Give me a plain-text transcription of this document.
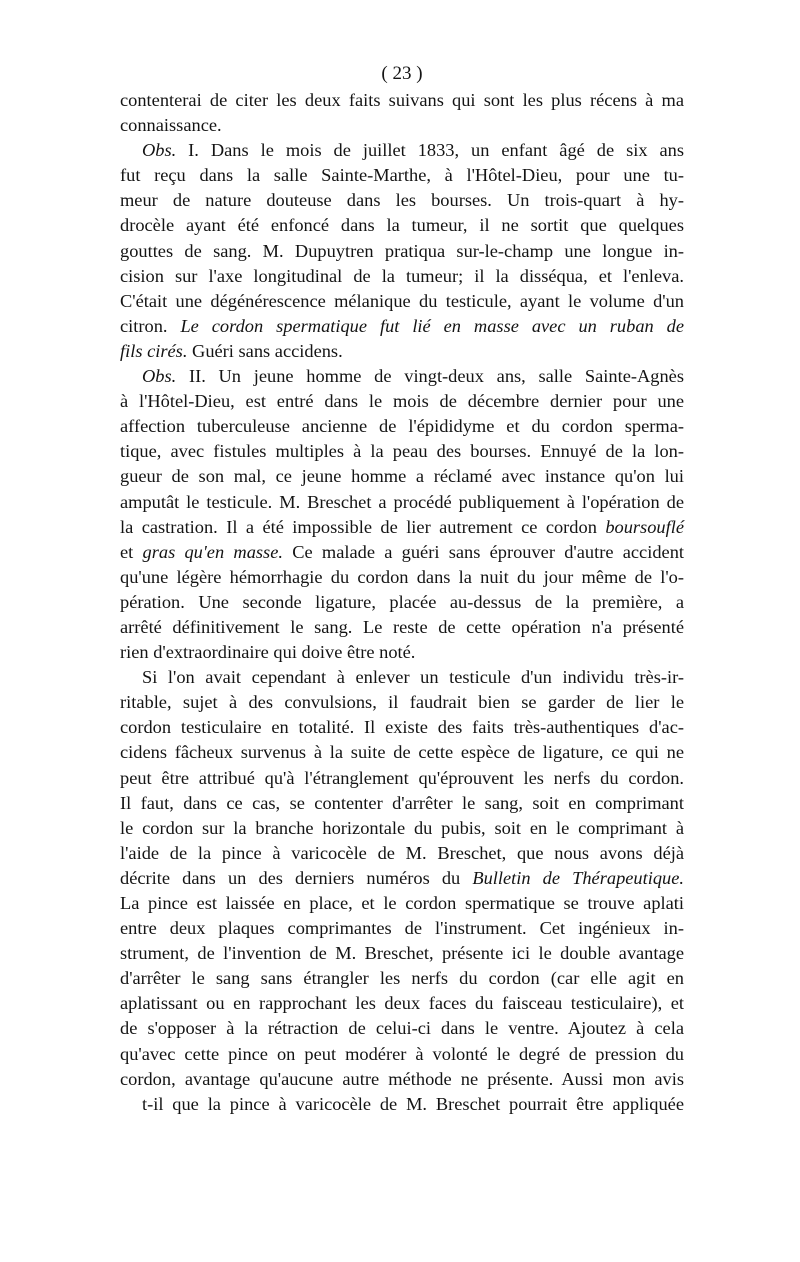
( 23 )
contenterai de citer les deux faits suivans qui sont les plus récens à ma
connaissance.
Obs. I. Dans le mois de juillet 1833, un enfant âgé de six ans
fut reçu dans la salle Sainte-Marthe, à l'Hôtel-Dieu, pour une tu-
meur de nature douteuse dans les bourses. Un trois-quart à hy-
drocèle ayant été enfoncé dans la tumeur, il ne sortit que quelques
gouttes de sang. M. Dupuytren pratiqua sur-le-champ une longue in-
cision sur l'axe longitudinal de la tumeur; il la disséqua, et l'enleva.
C'était une dégénérescence mélanique du testicule, ayant le volume d'un
citron. Le cordon spermatique fut lié en masse avec un ruban de
fils cirés. Guéri sans accidens.
Obs. II. Un jeune homme de vingt-deux ans, salle Sainte-Agnès
à l'Hôtel-Dieu, est entré dans le mois de décembre dernier pour une
affection tuberculeuse ancienne de l'épididyme et du cordon sperma-
tique, avec fistules multiples à la peau des bourses. Ennuyé de la lon-
gueur de son mal, ce jeune homme a réclamé avec instance qu'on lui
amputât le testicule. M. Breschet a procédé publiquement à l'opération de
la castration. Il a été impossible de lier autrement ce cordon boursouflé
et gras qu'en masse. Ce malade a guéri sans éprouver d'autre accident
qu'une légère hémorrhagie du cordon dans la nuit du jour même de l'o-
pération. Une seconde ligature, placée au-dessus de la première, a
arrêté définitivement le sang. Le reste de cette opération n'a présenté
rien d'extraordinaire qui doive être noté.
Si l'on avait cependant à enlever un testicule d'un individu très-ir-
ritable, sujet à des convulsions, il faudrait bien se garder de lier le
cordon testiculaire en totalité. Il existe des faits très-authentiques d'ac-
cidens fâcheux survenus à la suite de cette espèce de ligature, ce qui ne
peut être attribué qu'à l'étranglement qu'éprouvent les nerfs du cordon.
Il faut, dans ce cas, se contenter d'arrêter le sang, soit en comprimant
le cordon sur la branche horizontale du pubis, soit en le comprimant à
l'aide de la pince à varicocèle de M. Breschet, que nous avons déjà
décrite dans un des derniers numéros du Bulletin de Thérapeutique.
La pince est laissée en place, et le cordon spermatique se trouve aplati
entre deux plaques comprimantes de l'instrument. Cet ingénieux in-
strument, de l'invention de M. Breschet, présente ici le double avantage
d'arrêter le sang sans étrangler les nerfs du cordon (car elle agit en
aplatissant ou en rapprochant les deux faces du faisceau testiculaire), et
de s'opposer à la rétraction de celui-ci dans le ventre. Ajoutez à cela
qu'avec cette pince on peut modérer à volonté le degré de pression du
cordon, avantage qu'aucune autre méthode ne présente. Aussi mon avis
t-il que la pince à varicocèle de M. Breschet pourrait être appliquée
